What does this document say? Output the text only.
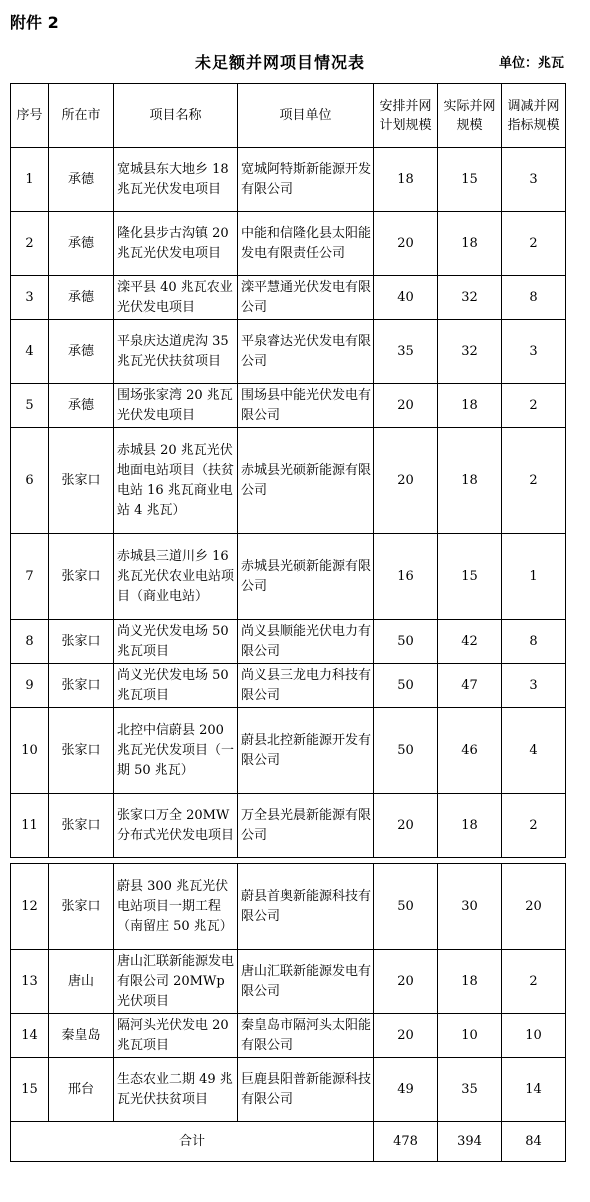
附件 2
未足额并网项目情况表	单位：兆瓦
序号	所在市	项目名称	项目单位	安排并网计划规模	实际并网规模	调减并网指标规模
1	承德	宽城县东大地乡 18 兆瓦光伏发电项目	宽城阿特斯新能源开发有限公司	18	15	3
2	承德	隆化县步古沟镇 20 兆瓦光伏发电项目	中能和信隆化县太阳能发电有限责任公司	20	18	2
3	承德	滦平县 40 兆瓦农业光伏发电项目	滦平慧通光伏发电有限公司	40	32	8
4	承德	平泉庆达道虎沟 35 兆瓦光伏扶贫项目	平泉睿达光伏发电有限公司	35	32	3
5	承德	围场张家湾 20 兆瓦光伏发电项目	围场县中能光伏发电有限公司	20	18	2
6	张家口	赤城县 20 兆瓦光伏地面电站项目（扶贫电站 16 兆瓦商业电站 4 兆瓦）	赤城县光硕新能源有限公司	20	18	2
7	张家口	赤城县三道川乡 16 兆瓦光伏农业电站项目（商业电站）	赤城县光硕新能源有限公司	16	15	1
8	张家口	尚义光伏发电场 50 兆瓦项目	尚义县顺能光伏电力有限公司	50	42	8
9	张家口	尚义光伏发电场 50 兆瓦项目	尚义县三龙电力科技有限公司	50	47	3
10	张家口	北控中信蔚县 200 兆瓦光伏发项目（一期 50 兆瓦）	蔚县北控新能源开发有限公司	50	46	4
11	张家口	张家口万全 20MW 分布式光伏发电项目	万全县光晨新能源有限公司	20	18	2

12	张家口	蔚县 300 兆瓦光伏电站项目一期工程（南留庄 50 兆瓦）	蔚县首奥新能源科技有限公司	50	30	20
13	唐山	唐山汇联新能源发电有限公司 20MWp 光伏项目	唐山汇联新能源发电有限公司	20	18	2
14	秦皇岛	隔河头光伏发电 20 兆瓦项目	秦皇岛市隔河头太阳能有限公司	20	10	10
15	邢台	生态农业二期 49 兆瓦光伏扶贫项目	巨鹿县阳普新能源科技有限公司	49	35	14
合计				478	394	84
